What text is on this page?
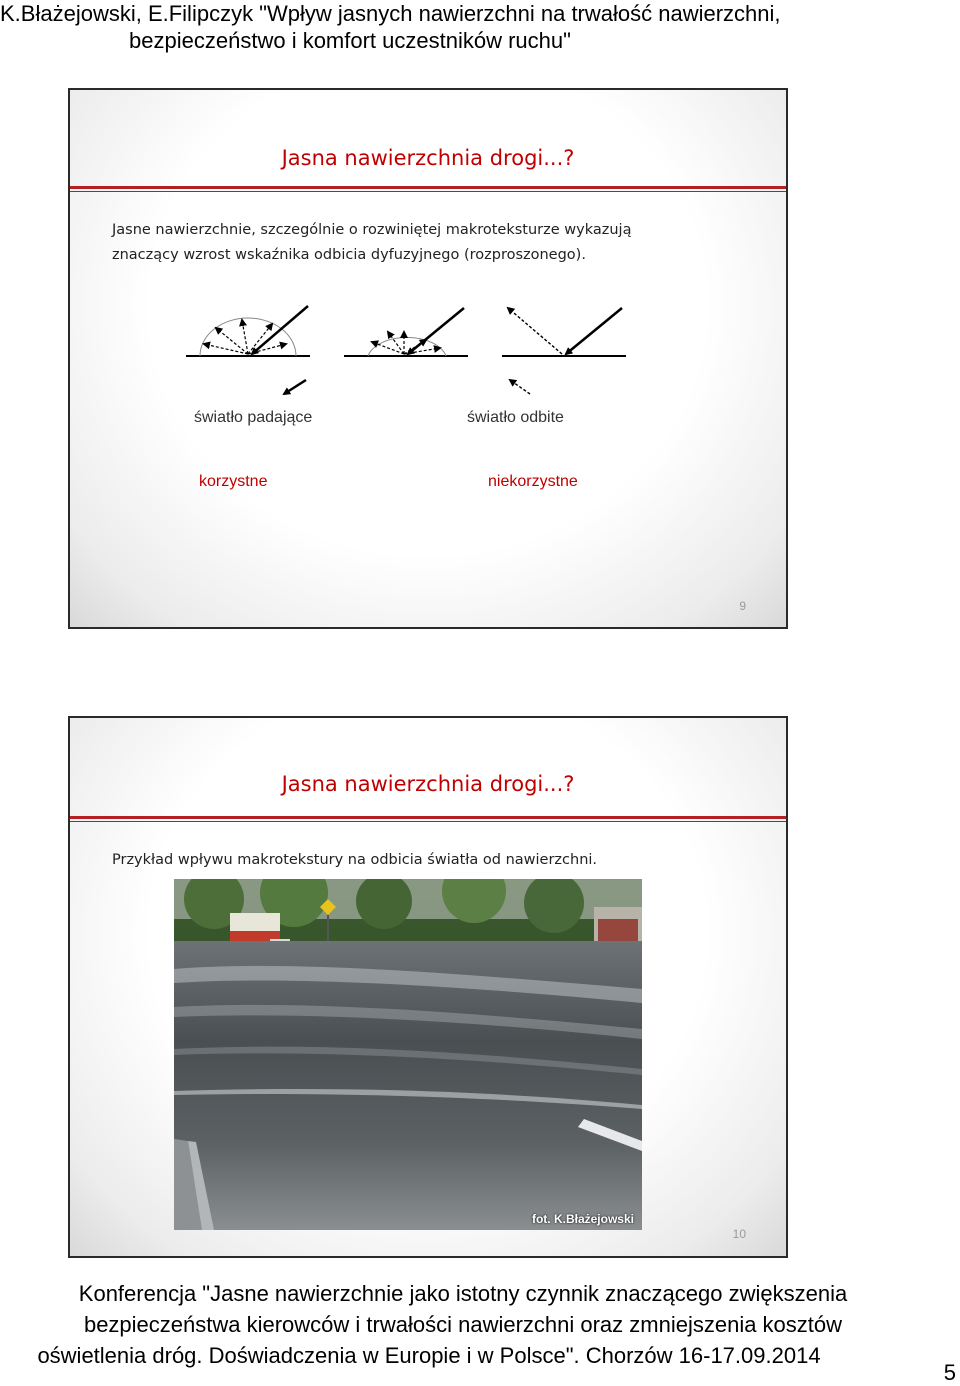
K.Błażejowski, E.Filipczyk "Wpływ jasnych nawierzchni na trwałość nawierzchni,
bezpieczeństwo i komfort uczestników ruchu"
Jasna nawierzchnia drogi...?
Jasne nawierzchnie, szczególnie o rozwiniętej makroteksturze wykazują
znaczący wzrost wskaźnika odbicia dyfuzyjnego (rozproszonego).
światło padające	światło odbite
korzystne	niekorzystne
9
Jasna nawierzchnia drogi...?
Przykład wpływu makrotekstury na odbicia światła od nawierzchni.
fot. K.Błażejowski
10
Konferencja "Jasne nawierzchnie jako istotny czynnik znaczącego zwiększenia
bezpieczeństwa kierowców i trwałości nawierzchni oraz zmniejszenia kosztów
oświetlenia dróg. Doświadczenia w Europie i w Polsce". Chorzów 16-17.09.2014
5
